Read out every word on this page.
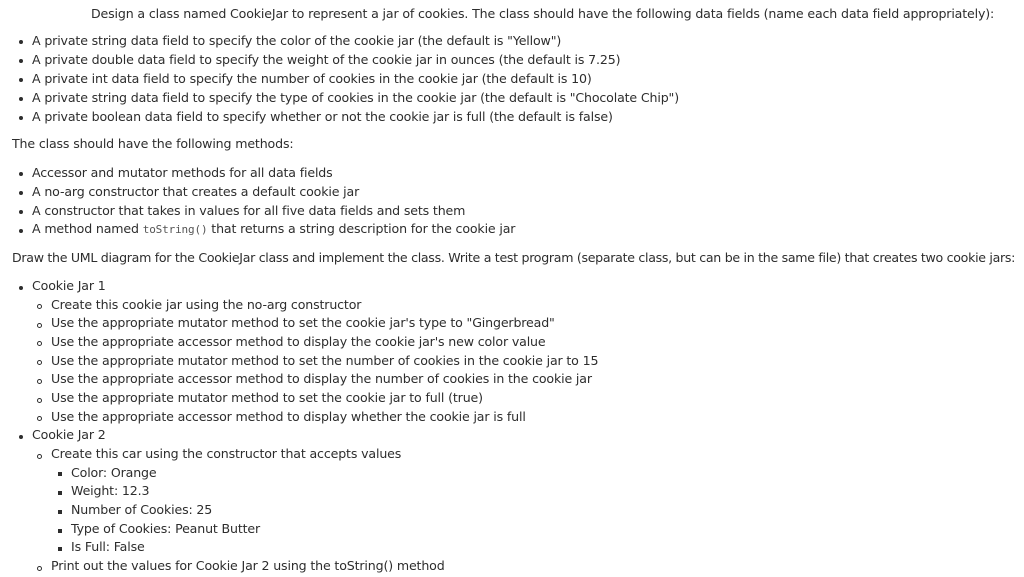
Design a class named CookieJar to represent a jar of cookies. The class should have the following data fields (name each data field appropriately):
A private string data field to specify the color of the cookie jar (the default is "Yellow")
A private double data field to specify the weight of the cookie jar in ounces (the default is 7.25)
A private int data field to specify the number of cookies in the cookie jar (the default is 10)
A private string data field to specify the type of cookies in the cookie jar (the default is "Chocolate Chip")
A private boolean data field to specify whether or not the cookie jar is full (the default is false)
The class should have the following methods:
Accessor and mutator methods for all data fields
A no-arg constructor that creates a default cookie jar
A constructor that takes in values for all five data fields and sets them
A method named toString() that returns a string description for the cookie jar
Draw the UML diagram for the CookieJar class and implement the class. Write a test program (separate class, but can be in the same file) that creates two cookie jars:
Cookie Jar 1
Create this cookie jar using the no-arg constructor
Use the appropriate mutator method to set the cookie jar's type to "Gingerbread"
Use the appropriate accessor method to display the cookie jar's new color value
Use the appropriate mutator method to set the number of cookies in the cookie jar to 15
Use the appropriate accessor method to display the number of cookies in the cookie jar
Use the appropriate mutator method to set the cookie jar to full (true)
Use the appropriate accessor method to display whether the cookie jar is full
Cookie Jar 2
Create this car using the constructor that accepts values
Color: Orange
Weight: 12.3
Number of Cookies: 25
Type of Cookies: Peanut Butter
Is Full: False
Print out the values for Cookie Jar 2 using the toString() method
